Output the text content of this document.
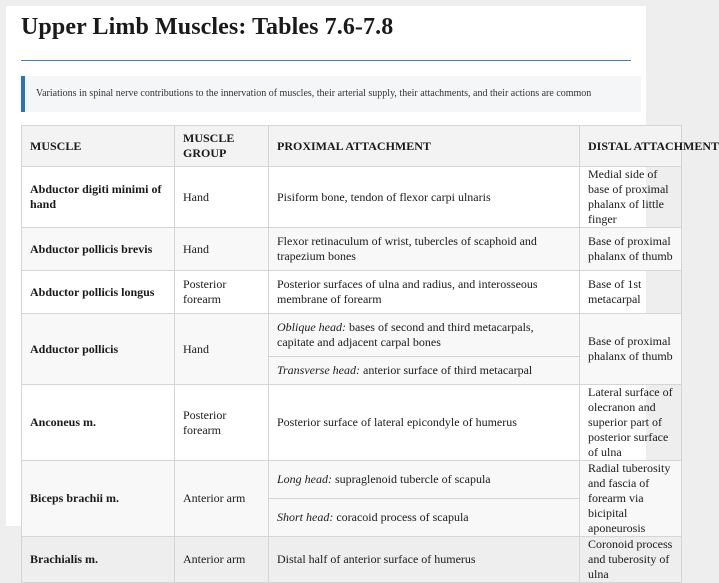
Upper Limb Muscles: Tables 7.6-7.8
Variations in spinal nerve contributions to the innervation of muscles, their arterial supply, their attachments, and their actions are common
MUSCLE	MUSCLE GROUP	PROXIMAL ATTACHMENT	DISTAL ATTACHMENT
Abductor digiti minimi of hand	Hand	Pisiform bone, tendon of flexor carpi ulnaris	Medial side of base of proximal phalanx of little finger
Abductor pollicis brevis	Hand	Flexor retinaculum of wrist, tubercles of scaphoid and trapezium bones	Base of proximal phalanx of thumb
Abductor pollicis longus	Posterior forearm	Posterior surfaces of ulna and radius, and interosseous membrane of forearm	Base of 1st metacarpal
Adductor pollicis	Hand	Oblique head: bases of second and third metacarpals, capitate and adjacent carpal bones	Base of proximal phalanx of thumb
		Transverse head: anterior surface of third metacarpal	
Anconeus m.	Posterior forearm	Posterior surface of lateral epicondyle of humerus	Lateral surface of olecranon and superior part of posterior surface of ulna
Biceps brachii m.	Anterior arm	Long head: supraglenoid tubercle of scapula	Radial tuberosity and fascia of forearm via bicipital aponeurosis
		Short head: coracoid process of scapula	
Brachialis m.	Anterior arm	Distal half of anterior surface of humerus	Coronoid process and tuberosity of ulna
